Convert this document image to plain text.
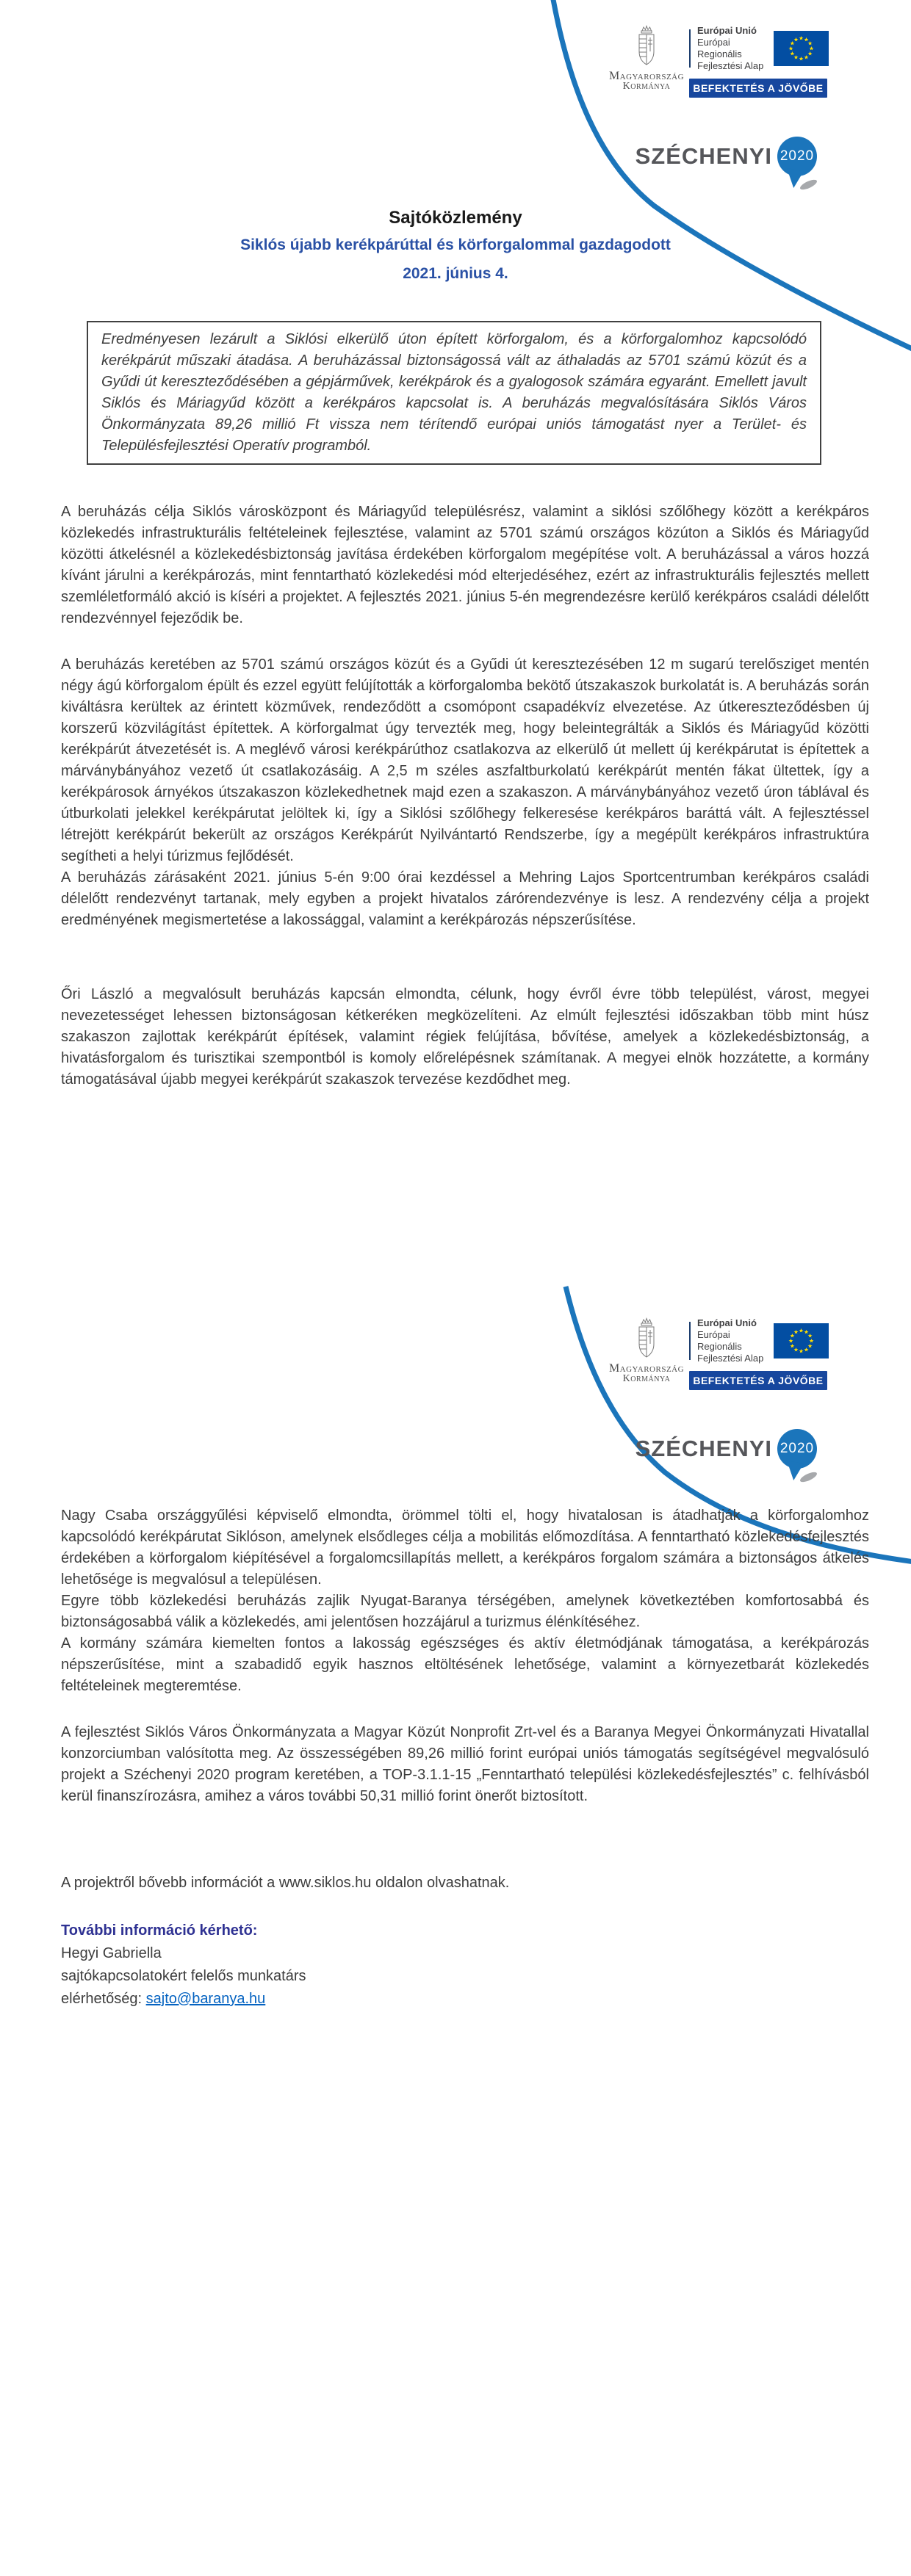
Magyarország
Kormánya
Európai Unió
Európai Regionális
Fejlesztési Alap
BEFEKTETÉS A JÖVŐBE
SZÉCHENYI 2020
Sajtóközlemény
Siklós újabb kerékpárúttal és körforgalommal gazdagodott
2021. június 4.
Eredményesen lezárult a Siklósi elkerülő úton épített körforgalom, és a körforgalomhoz kapcsolódó kerékpárút műszaki átadása. A beruházással biztonságossá vált az áthaladás az 5701 számú közút és a Gyűdi út kereszteződésében a gépjárművek, kerékpárok és a gyalogosok számára egyaránt. Emellett javult Siklós és Máriagyűd között a kerékpáros kapcsolat is. A beruházás megvalósítására Siklós Város Önkormányzata 89,26 millió Ft vissza nem térítendő európai uniós támogatást nyer a Terület- és Településfejlesztési Operatív programból.

A beruházás célja Siklós városközpont és Máriagyűd településrész, valamint a siklósi szőlőhegy között a kerékpáros közlekedés infrastrukturális feltételeinek fejlesztése, valamint az 5701 számú országos közúton a Siklós és Máriagyűd közötti átkelésnél a közlekedésbiztonság javítása érdekében körforgalom megépítése volt. A beruházással a város hozzá kívánt járulni a kerékpározás, mint fenntartható közlekedési mód elterjedéséhez, ezért az infrastrukturális fejlesztés mellett szemléletformáló akció is kíséri a projektet. A fejlesztés 2021. június 5-én megrendezésre kerülő kerékpáros családi délelőtt rendezvénnyel fejeződik be.

A beruházás keretében az 5701 számú országos közút és a Gyűdi út keresztezésében 12 m sugarú terelősziget mentén négy ágú körforgalom épült és ezzel együtt felújították a körforgalomba bekötő útszakaszok burkolatát is. A beruházás során kiváltásra kerültek az érintett közművek, rendeződött a csomópont csapadékvíz elvezetése. Az útkereszteződésben új korszerű közvilágítást építettek. A körforgalmat úgy tervezték meg, hogy beleintegrálták a Siklós és Máriagyűd közötti kerékpárút átvezetését is. A meglévő városi kerékpárúthoz csatlakozva az elkerülő út mellett új kerékpárutat is építettek a márványbányához vezető út csatlakozásáig. A 2,5 m széles aszfaltburkolatú kerékpárút mentén fákat ültettek, így a kerékpárosok árnyékos útszakaszon közlekedhetnek majd ezen a szakaszon. A márványbányához vezető úron táblával és útburkolati jelekkel kerékpárutat jelöltek ki, így a Siklósi szőlőhegy felkeresése kerékpáros baráttá vált. A fejlesztéssel létrejött kerékpárút bekerült az országos Kerékpárút Nyilvántartó Rendszerbe, így a megépült kerékpáros infrastruktúra segítheti a helyi túrizmus fejlődését.

A beruházás zárásaként 2021. június 5-én 9:00 órai kezdéssel a Mehring Lajos Sportcentrumban kerékpáros családi délelőtt rendezvényt tartanak, mely egyben a projekt hivatalos zárórendezvénye is lesz. A rendezvény célja a projekt eredményének megismertetése a lakossággal, valamint a kerékpározás népszerűsítése.

Őri László a megvalósult beruházás kapcsán elmondta, célunk, hogy évről évre több települést, várost, megyei nevezetességet lehessen biztonságosan kétkeréken megközelíteni. Az elmúlt fejlesztési időszakban több mint húsz szakaszon zajlottak kerékpárút építések, valamint régiek felújítása, bővítése, amelyek a közlekedésbiztonság, a hivatásforgalom és turisztikai szempontból is komoly előrelépésnek számítanak. A megyei elnök hozzátette, a kormány támogatásával újabb megyei kerékpárút szakaszok tervezése kezdődhet meg.

Magyarország
Kormánya
Európai Unió
Európai Regionális
Fejlesztési Alap
BEFEKTETÉS A JÖVŐBE
SZÉCHENYI 2020

Nagy Csaba országgyűlési képviselő elmondta, örömmel tölti el, hogy hivatalosan is átadhatják a körforgalomhoz kapcsolódó kerékpárutat Siklóson, amelynek elsődleges célja a mobilitás előmozdítása. A fenntartható közlekedésfejlesztés érdekében a körforgalom kiépítésével a forgalomcsillapítás mellett, a kerékpáros forgalom számára a biztonságos átkelés lehetősége is megvalósul a településen.

Egyre több közlekedési beruházás zajlik Nyugat-Baranya térségében, amelynek következtében komfortosabbá és biztonságosabbá válik a közlekedés, ami jelentősen hozzájárul a turizmus élénkítéséhez.

A kormány számára kiemelten fontos a lakosság egészséges és aktív életmódjának támogatása, a kerékpározás népszerűsítése, mint a szabadidő egyik hasznos eltöltésének lehetősége, valamint a környezetbarát közlekedés feltételeinek megteremtése.

A fejlesztést Siklós Város Önkormányzata a Magyar Közút Nonprofit Zrt-vel és a Baranya Megyei Önkormányzati Hivatallal konzorciumban valósította meg. Az összességében 89,26 millió forint európai uniós támogatás segítségével megvalósuló projekt a Széchenyi 2020 program keretében, a TOP-3.1.1-15 „Fenntartható települési közlekedésfejlesztés” c. felhívásból kerül finanszírozásra, amihez a város további 50,31 millió forint önerőt biztosított.

A projektről bővebb információt a www.siklos.hu oldalon olvashatnak.

További információ kérhető:
Hegyi Gabriella
sajtókapcsolatokért felelős munkatárs
elérhetőség: sajto@baranya.hu
